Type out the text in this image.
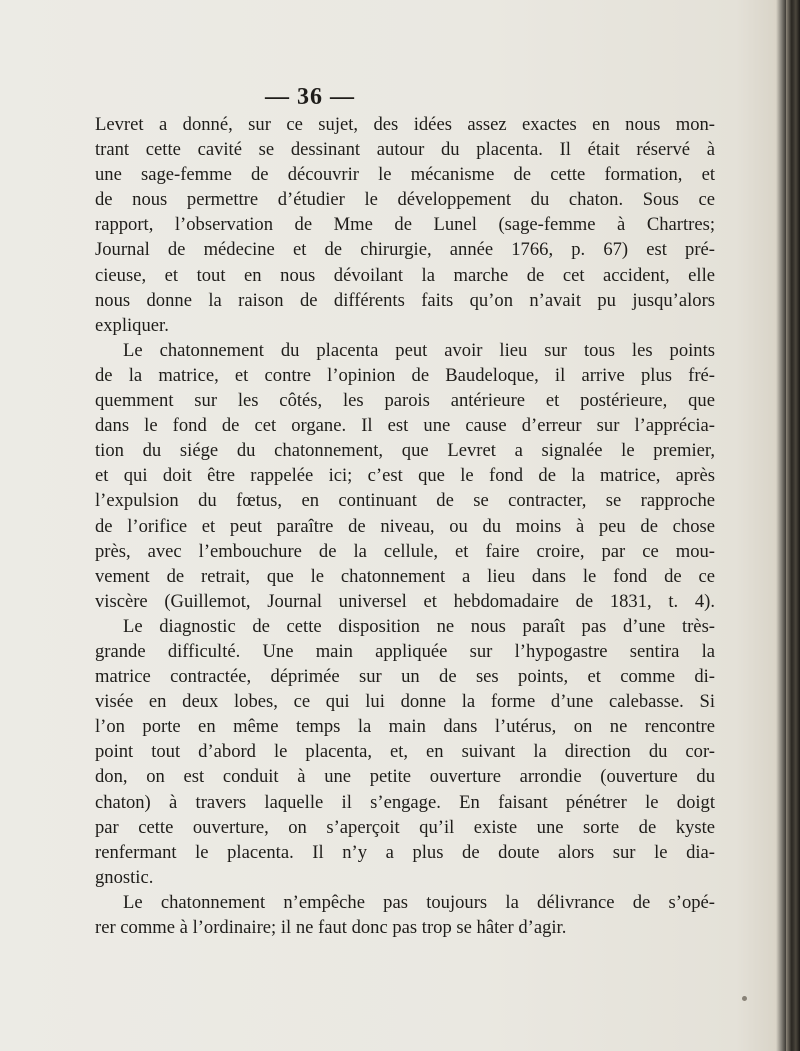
— 36 —
Levret a donné, sur ce sujet, des idées assez exactes en nous mon-
trant cette cavité se dessinant autour du placenta. Il était réservé à
une sage-femme de découvrir le mécanisme de cette formation, et
de nous permettre d’étudier le développement du chaton. Sous ce
rapport, l’observation de Mme de Lunel (sage-femme à Chartres;
Journal de médecine et de chirurgie, année 1766, p. 67) est pré-
cieuse, et tout en nous dévoilant la marche de cet accident, elle
nous donne la raison de différents faits qu’on n’avait pu jusqu’alors
expliquer.
Le chatonnement du placenta peut avoir lieu sur tous les points
de la matrice, et contre l’opinion de Baudeloque, il arrive plus fré-
quemment sur les côtés, les parois antérieure et postérieure, que
dans le fond de cet organe. Il est une cause d’erreur sur l’apprécia-
tion du siége du chatonnement, que Levret a signalée le premier,
et qui doit être rappelée ici; c’est que le fond de la matrice, après
l’expulsion du fœtus, en continuant de se contracter, se rapproche
de l’orifice et peut paraître de niveau, ou du moins à peu de chose
près, avec l’embouchure de la cellule, et faire croire, par ce mou-
vement de retrait, que le chatonnement a lieu dans le fond de ce
viscère (Guillemot, Journal universel et hebdomadaire de 1831, t. 4).
Le diagnostic de cette disposition ne nous paraît pas d’une très-
grande difficulté. Une main appliquée sur l’hypogastre sentira la
matrice contractée, déprimée sur un de ses points, et comme di-
visée en deux lobes, ce qui lui donne la forme d’une calebasse. Si
l’on porte en même temps la main dans l’utérus, on ne rencontre
point tout d’abord le placenta, et, en suivant la direction du cor-
don, on est conduit à une petite ouverture arrondie (ouverture du
chaton) à travers laquelle il s’engage. En faisant pénétrer le doigt
par cette ouverture, on s’aperçoit qu’il existe une sorte de kyste
renfermant le placenta. Il n’y a plus de doute alors sur le dia-
gnostic.
Le chatonnement n’empêche pas toujours la délivrance de s’opé-
rer comme à l’ordinaire; il ne faut donc pas trop se hâter d’agir.
